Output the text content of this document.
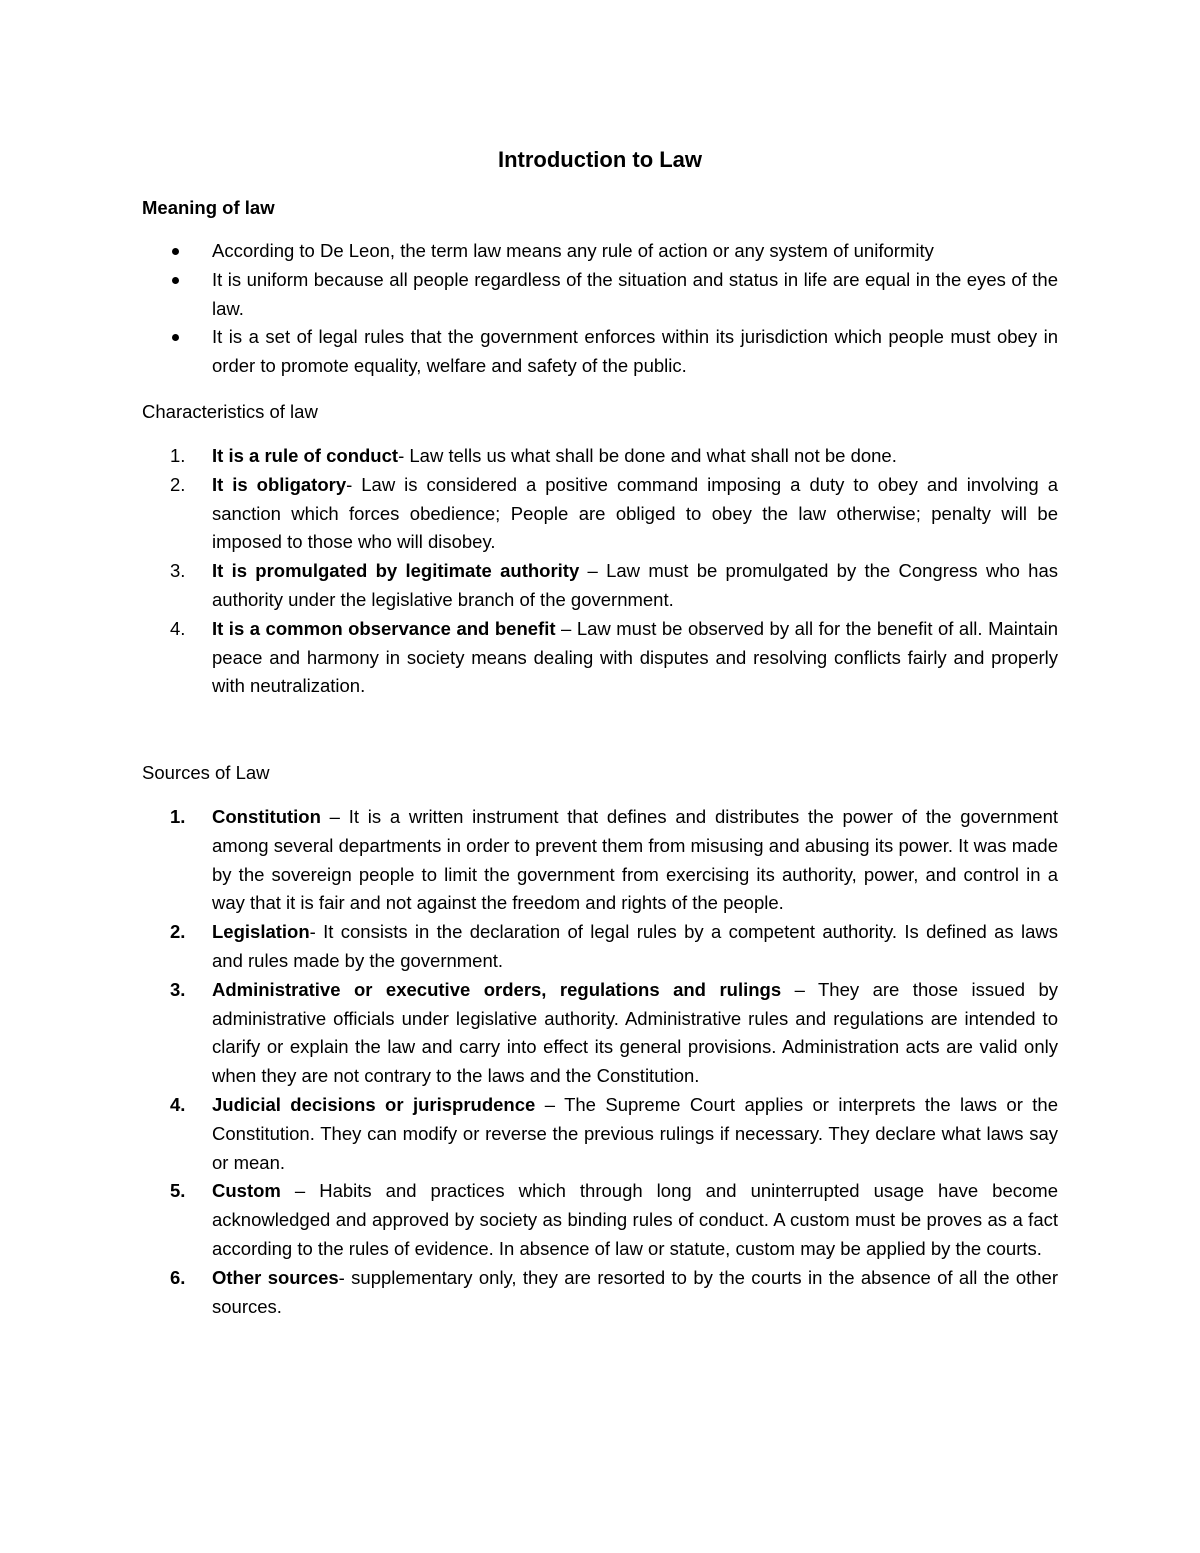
Introduction to Law
Meaning of law
According to De Leon, the term law means any rule of action or any system of uniformity
It is uniform because all people regardless of the situation and status in life are equal in the eyes of the law.
It is a set of legal rules that the government enforces within its jurisdiction which people must obey in order to promote equality, welfare and safety of the public.
Characteristics of law
1. It is a rule of conduct- Law tells us what shall be done and what shall not be done.
2. It is obligatory- Law is considered a positive command imposing a duty to obey and involving a sanction which forces obedience; People are obliged to obey the law otherwise; penalty will be imposed to those who will disobey.
3. It is promulgated by legitimate authority – Law must be promulgated by the Congress who has authority under the legislative branch of the government.
4. It is a common observance and benefit – Law must be observed by all for the benefit of all. Maintain peace and harmony in society means dealing with disputes and resolving conflicts fairly and properly with neutralization.
Sources of Law
1. Constitution – It is a written instrument that defines and distributes the power of the government among several departments in order to prevent them from misusing and abusing its power. It was made by the sovereign people to limit the government from exercising its authority, power, and control in a way that it is fair and not against the freedom and rights of the people.
2. Legislation- It consists in the declaration of legal rules by a competent authority. Is defined as laws and rules made by the government.
3. Administrative or executive orders, regulations and rulings – They are those issued by administrative officials under legislative authority. Administrative rules and regulations are intended to clarify or explain the law and carry into effect its general provisions. Administration acts are valid only when they are not contrary to the laws and the Constitution.
4. Judicial decisions or jurisprudence – The Supreme Court applies or interprets the laws or the Constitution. They can modify or reverse the previous rulings if necessary. They declare what laws say or mean.
5. Custom – Habits and practices which through long and uninterrupted usage have become acknowledged and approved by society as binding rules of conduct. A custom must be proves as a fact according to the rules of evidence. In absence of law or statute, custom may be applied by the courts.
6. Other sources- supplementary only, they are resorted to by the courts in the absence of all the other sources.
